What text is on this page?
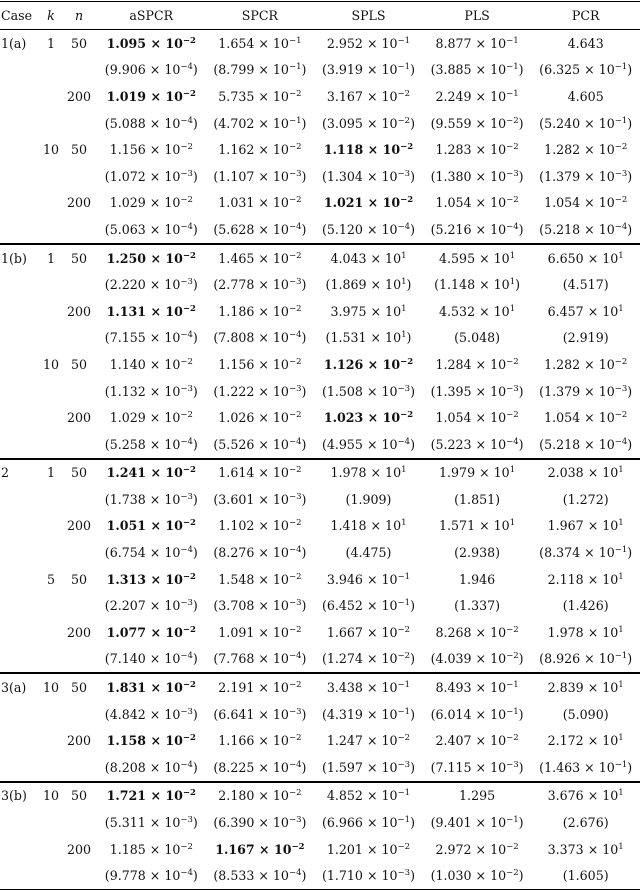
Case	k	n	aSPCR	SPCR	SPLS	PLS	PCR
1(a)	1	50	$1.095 \times 10^{-2}$	$1.654 \times 10^{-1}$	$2.952 \times 10^{-1}$	$8.877 \times 10^{-1}$	4.643
			$(9.906 \times 10^{-4})$	$(8.799 \times 10^{-1})$	$(3.919 \times 10^{-1})$	$(3.885 \times 10^{-1})$	$(6.325 \times 10^{-1})$
		200	$1.019 \times 10^{-2}$	$5.735 \times 10^{-2}$	$3.167 \times 10^{-2}$	$2.249 \times 10^{-1}$	4.605
			$(5.088 \times 10^{-4})$	$(4.702 \times 10^{-1})$	$(3.095 \times 10^{-2})$	$(9.559 \times 10^{-2})$	$(5.240 \times 10^{-1})$
	10	50	$1.156 \times 10^{-2}$	$1.162 \times 10^{-2}$	$1.118 \times 10^{-2}$	$1.283 \times 10^{-2}$	$1.282 \times 10^{-2}$
			$(1.072 \times 10^{-3})$	$(1.107 \times 10^{-3})$	$(1.304 \times 10^{-3})$	$(1.380 \times 10^{-3})$	$(1.379 \times 10^{-3})$
		200	$1.029 \times 10^{-2}$	$1.031 \times 10^{-2}$	$1.021 \times 10^{-2}$	$1.054 \times 10^{-2}$	$1.054 \times 10^{-2}$
			$(5.063 \times 10^{-4})$	$(5.628 \times 10^{-4})$	$(5.120 \times 10^{-4})$	$(5.216 \times 10^{-4})$	$(5.218 \times 10^{-4})$
1(b)	1	50	$1.250 \times 10^{-2}$	$1.465 \times 10^{-2}$	$4.043 \times 10^1$	$4.595 \times 10^1$	$6.650 \times 10^1$
			$(2.220 \times 10^{-3})$	$(2.778 \times 10^{-3})$	$(1.869 \times 10^1)$	$(1.148 \times 10^1)$	(4.517)
		200	$1.131 \times 10^{-2}$	$1.186 \times 10^{-2}$	$3.975 \times 10^1$	$4.532 \times 10^1$	$6.457 \times 10^1$
			$(7.155 \times 10^{-4})$	$(7.808 \times 10^{-4})$	$(1.531 \times 10^1)$	(5.048)	(2.919)
	10	50	$1.140 \times 10^{-2}$	$1.156 \times 10^{-2}$	$1.126 \times 10^{-2}$	$1.284 \times 10^{-2}$	$1.282 \times 10^{-2}$
			$(1.132 \times 10^{-3})$	$(1.222 \times 10^{-3})$	$(1.508 \times 10^{-3})$	$(1.395 \times 10^{-3})$	$(1.379 \times 10^{-3})$
		200	$1.029 \times 10^{-2}$	$1.026 \times 10^{-2}$	$1.023 \times 10^{-2}$	$1.054 \times 10^{-2}$	$1.054 \times 10^{-2}$
			$(5.258 \times 10^{-4})$	$(5.526 \times 10^{-4})$	$(4.955 \times 10^{-4})$	$(5.223 \times 10^{-4})$	$(5.218 \times 10^{-4})$
2	1	50	$1.241 \times 10^{-2}$	$1.614 \times 10^{-2}$	$1.978 \times 10^1$	$1.979 \times 10^1$	$2.038 \times 10^1$
			$(1.738 \times 10^{-3})$	$(3.601 \times 10^{-3})$	(1.909)	(1.851)	(1.272)
		200	$1.051 \times 10^{-2}$	$1.102 \times 10^{-2}$	$1.418 \times 10^1$	$1.571 \times 10^1$	$1.967 \times 10^1$
			$(6.754 \times 10^{-4})$	$(8.276 \times 10^{-4})$	(4.475)	(2.938)	$(8.374 \times 10^{-1})$
	5	50	$1.313 \times 10^{-2}$	$1.548 \times 10^{-2}$	$3.946 \times 10^{-1}$	1.946	$2.118 \times 10^1$
			$(2.207 \times 10^{-3})$	$(3.708 \times 10^{-3})$	$(6.452 \times 10^{-1})$	(1.337)	(1.426)
		200	$1.077 \times 10^{-2}$	$1.091 \times 10^{-2}$	$1.667 \times 10^{-2}$	$8.268 \times 10^{-2}$	$1.978 \times 10^1$
			$(7.140 \times 10^{-4})$	$(7.768 \times 10^{-4})$	$(1.274 \times 10^{-2})$	$(4.039 \times 10^{-2})$	$(8.926 \times 10^{-1})$
3(a)	10	50	$1.831 \times 10^{-2}$	$2.191 \times 10^{-2}$	$3.438 \times 10^{-1}$	$8.493 \times 10^{-1}$	$2.839 \times 10^1$
			$(4.842 \times 10^{-3})$	$(6.641 \times 10^{-3})$	$(4.319 \times 10^{-1})$	$(6.014 \times 10^{-1})$	(5.090)
		200	$1.158 \times 10^{-2}$	$1.166 \times 10^{-2}$	$1.247 \times 10^{-2}$	$2.407 \times 10^{-2}$	$2.172 \times 10^1$
			$(8.208 \times 10^{-4})$	$(8.225 \times 10^{-4})$	$(1.597 \times 10^{-3})$	$(7.115 \times 10^{-3})$	$(1.463 \times 10^{-1})$
3(b)	10	50	$1.721 \times 10^{-2}$	$2.180 \times 10^{-2}$	$4.852 \times 10^{-1}$	1.295	$3.676 \times 10^1$
			$(5.311 \times 10^{-3})$	$(6.390 \times 10^{-3})$	$(6.966 \times 10^{-1})$	$(9.401 \times 10^{-1})$	(2.676)
		200	$1.185 \times 10^{-2}$	$1.167 \times 10^{-2}$	$1.201 \times 10^{-2}$	$2.972 \times 10^{-2}$	$3.373 \times 10^1$
			$(9.778 \times 10^{-4})$	$(8.533 \times 10^{-4})$	$(1.710 \times 10^{-3})$	$(1.030 \times 10^{-2})$	(1.605)
